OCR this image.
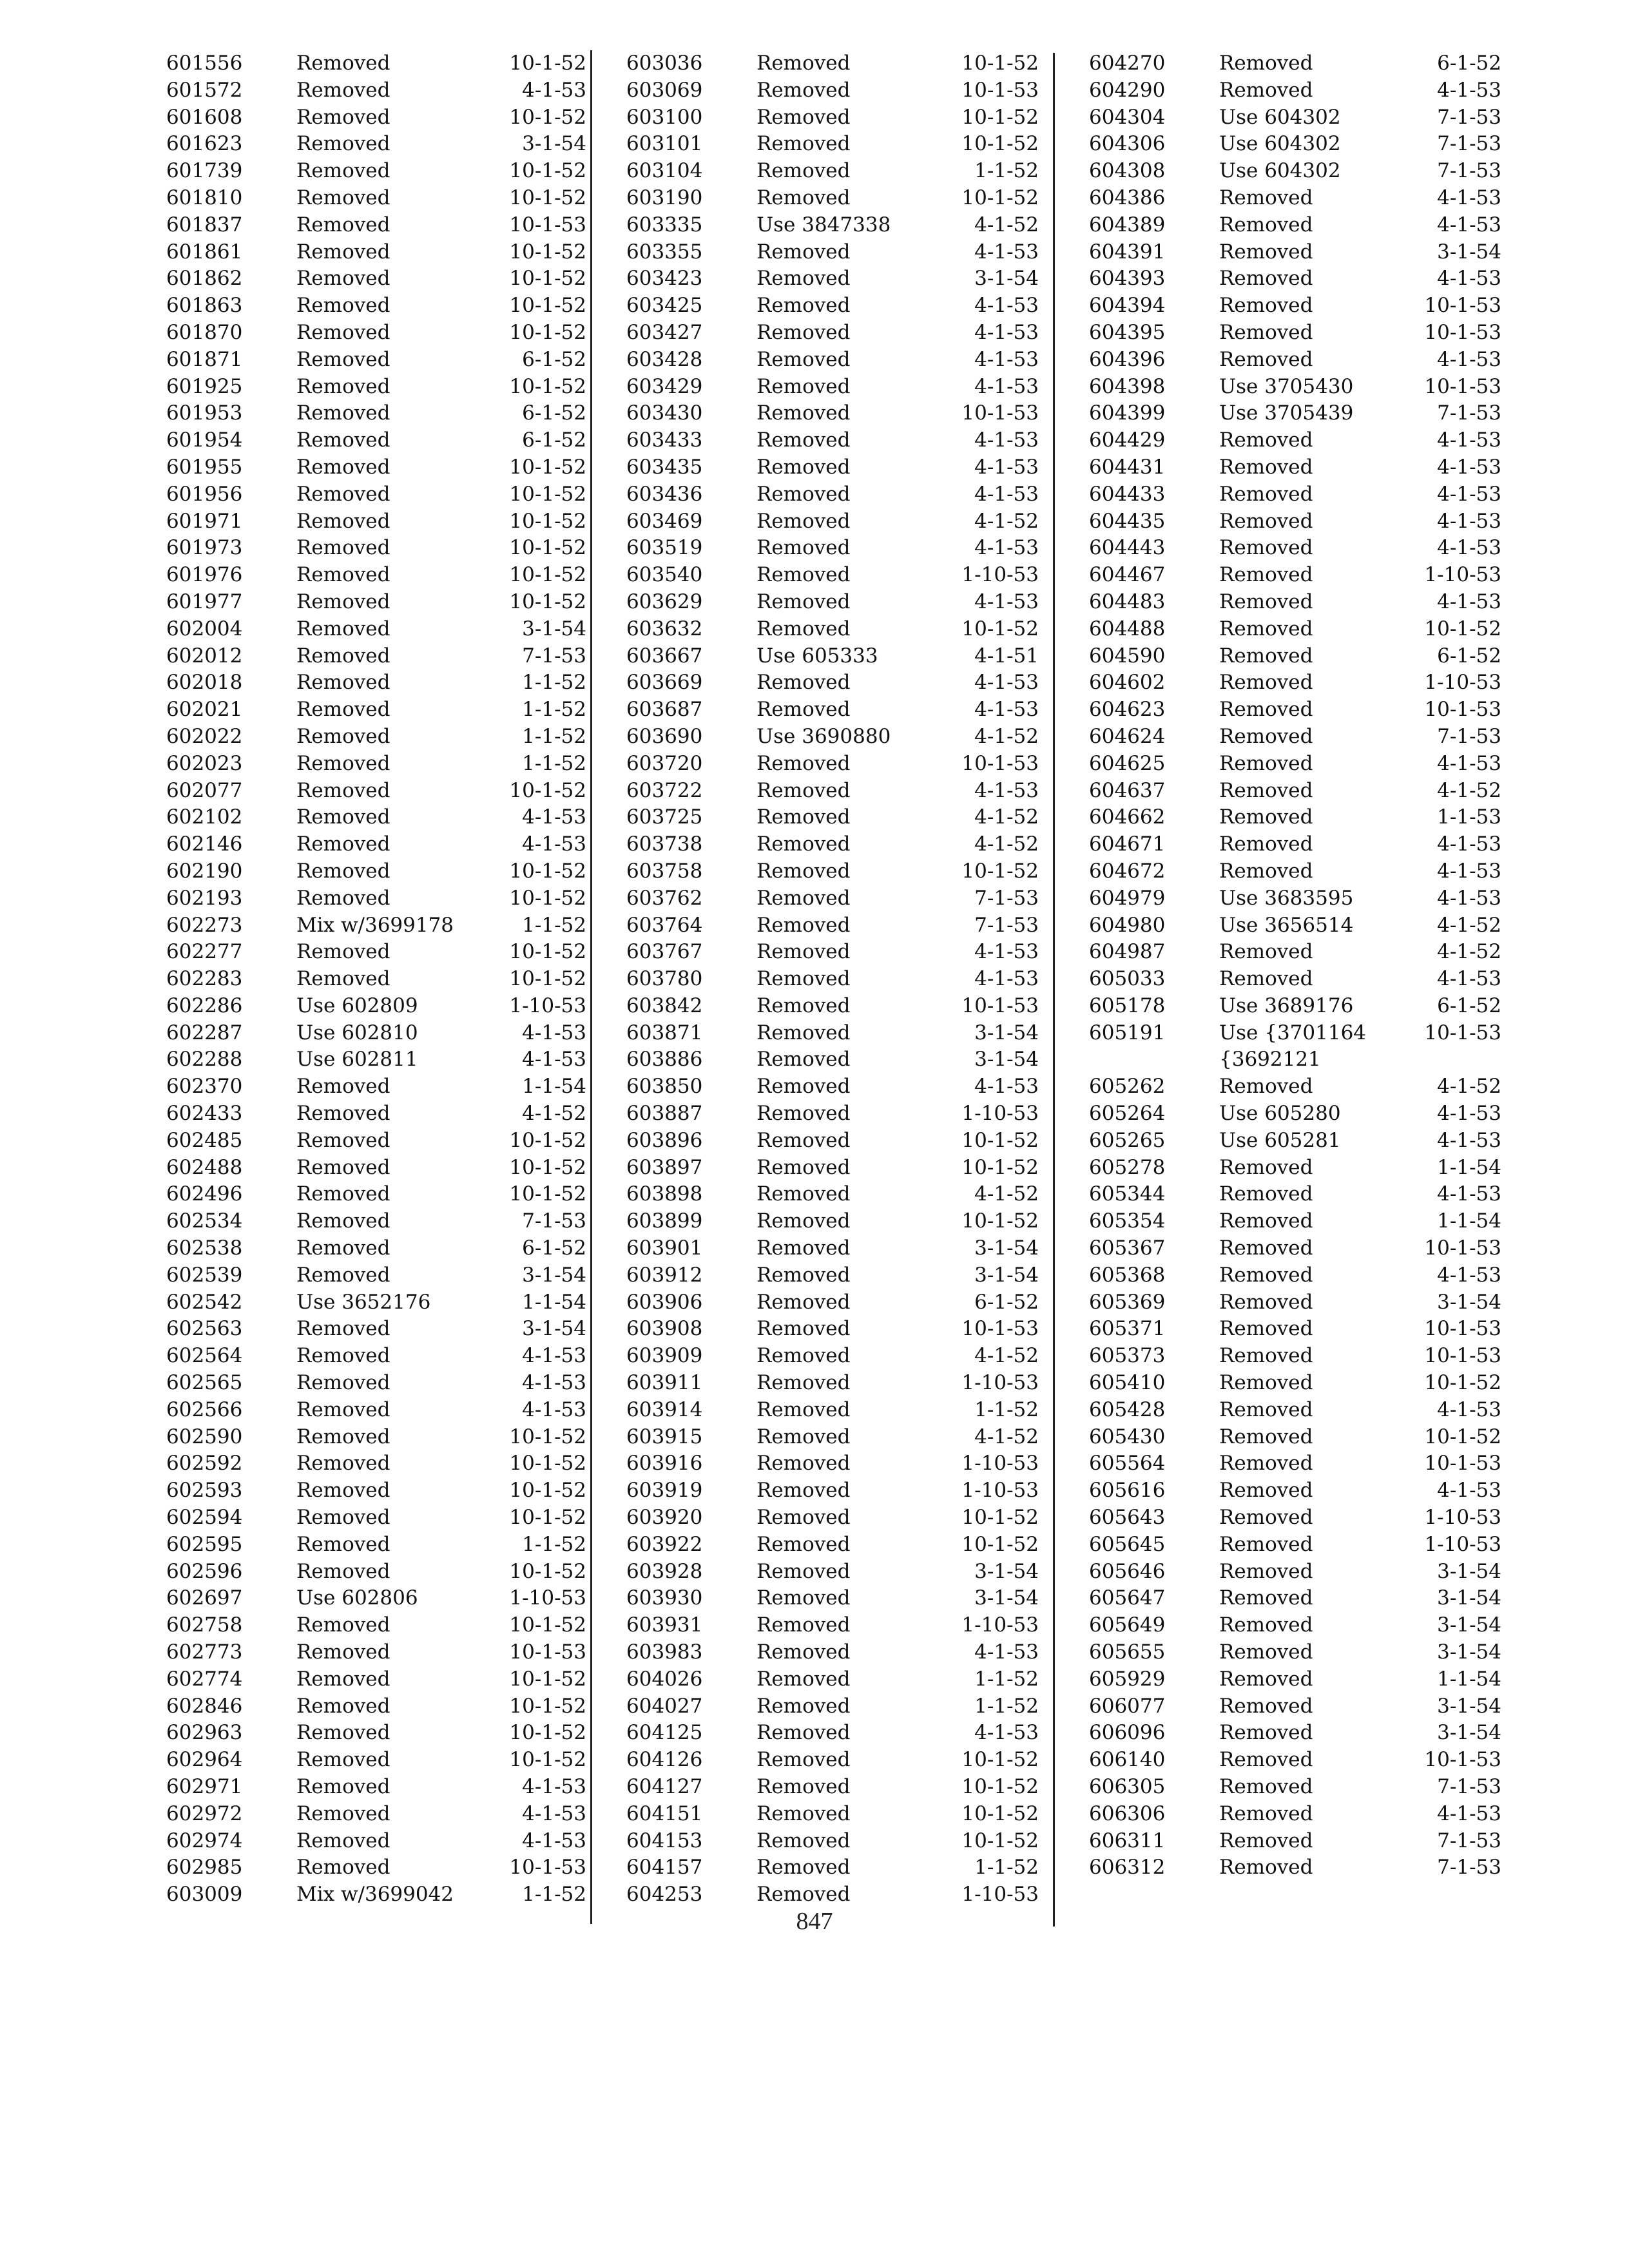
601556	Removed	10-1-52
601572	Removed	4-1-53
601608	Removed	10-1-52
601623	Removed	3-1-54
601739	Removed	10-1-52
601810	Removed	10-1-52
601837	Removed	10-1-53
601861	Removed	10-1-52
601862	Removed	10-1-52
601863	Removed	10-1-52
601870	Removed	10-1-52
601871	Removed	6-1-52
601925	Removed	10-1-52
601953	Removed	6-1-52
601954	Removed	6-1-52
601955	Removed	10-1-52
601956	Removed	10-1-52
601971	Removed	10-1-52
601973	Removed	10-1-52
601976	Removed	10-1-52
601977	Removed	10-1-52
602004	Removed	3-1-54
602012	Removed	7-1-53
602018	Removed	1-1-52
602021	Removed	1-1-52
602022	Removed	1-1-52
602023	Removed	1-1-52
602077	Removed	10-1-52
602102	Removed	4-1-53
602146	Removed	4-1-53
602190	Removed	10-1-52
602193	Removed	10-1-52
602273	Mix w/3699178	1-1-52
602277	Removed	10-1-52
602283	Removed	10-1-52
602286	Use 602809	1-10-53
602287	Use 602810	4-1-53
602288	Use 602811	4-1-53
602370	Removed	1-1-54
602433	Removed	4-1-52
602485	Removed	10-1-52
602488	Removed	10-1-52
602496	Removed	10-1-52
602534	Removed	7-1-53
602538	Removed	6-1-52
602539	Removed	3-1-54
602542	Use 3652176	1-1-54
602563	Removed	3-1-54
602564	Removed	4-1-53
602565	Removed	4-1-53
602566	Removed	4-1-53
602590	Removed	10-1-52
602592	Removed	10-1-52
602593	Removed	10-1-52
602594	Removed	10-1-52
602595	Removed	1-1-52
602596	Removed	10-1-52
602697	Use 602806	1-10-53
602758	Removed	10-1-52
602773	Removed	10-1-53
602774	Removed	10-1-52
602846	Removed	10-1-52
602963	Removed	10-1-52
602964	Removed	10-1-52
602971	Removed	4-1-53
602972	Removed	4-1-53
602974	Removed	4-1-53
602985	Removed	10-1-53
603009	Mix w/3699042	1-1-52
603036	Removed	10-1-52
603069	Removed	10-1-53
603100	Removed	10-1-52
603101	Removed	10-1-52
603104	Removed	1-1-52
603190	Removed	10-1-52
603335	Use 3847338	4-1-52
603355	Removed	4-1-53
603423	Removed	3-1-54
603425	Removed	4-1-53
603427	Removed	4-1-53
603428	Removed	4-1-53
603429	Removed	4-1-53
603430	Removed	10-1-53
603433	Removed	4-1-53
603435	Removed	4-1-53
603436	Removed	4-1-53
603469	Removed	4-1-52
603519	Removed	4-1-53
603540	Removed	1-10-53
603629	Removed	4-1-53
603632	Removed	10-1-52
603667	Use 605333	4-1-51
603669	Removed	4-1-53
603687	Removed	4-1-53
603690	Use 3690880	4-1-52
603720	Removed	10-1-53
603722	Removed	4-1-53
603725	Removed	4-1-52
603738	Removed	4-1-52
603758	Removed	10-1-52
603762	Removed	7-1-53
603764	Removed	7-1-53
603767	Removed	4-1-53
603780	Removed	4-1-53
603842	Removed	10-1-53
603871	Removed	3-1-54
603886	Removed	3-1-54
603850	Removed	4-1-53
603887	Removed	1-10-53
603896	Removed	10-1-52
603897	Removed	10-1-52
603898	Removed	4-1-52
603899	Removed	10-1-52
603901	Removed	3-1-54
603912	Removed	3-1-54
603906	Removed	6-1-52
603908	Removed	10-1-53
603909	Removed	4-1-52
603911	Removed	1-10-53
603914	Removed	1-1-52
603915	Removed	4-1-52
603916	Removed	1-10-53
603919	Removed	1-10-53
603920	Removed	10-1-52
603922	Removed	10-1-52
603928	Removed	3-1-54
603930	Removed	3-1-54
603931	Removed	1-10-53
603983	Removed	4-1-53
604026	Removed	1-1-52
604027	Removed	1-1-52
604125	Removed	4-1-53
604126	Removed	10-1-52
604127	Removed	10-1-52
604151	Removed	10-1-52
604153	Removed	10-1-52
604157	Removed	1-1-52
604253	Removed	1-10-53
604270	Removed	6-1-52
604290	Removed	4-1-53
604304	Use 604302	7-1-53
604306	Use 604302	7-1-53
604308	Use 604302	7-1-53
604386	Removed	4-1-53
604389	Removed	4-1-53
604391	Removed	3-1-54
604393	Removed	4-1-53
604394	Removed	10-1-53
604395	Removed	10-1-53
604396	Removed	4-1-53
604398	Use 3705430	10-1-53
604399	Use 3705439	7-1-53
604429	Removed	4-1-53
604431	Removed	4-1-53
604433	Removed	4-1-53
604435	Removed	4-1-53
604443	Removed	4-1-53
604467	Removed	1-10-53
604483	Removed	4-1-53
604488	Removed	10-1-52
604590	Removed	6-1-52
604602	Removed	1-10-53
604623	Removed	10-1-53
604624	Removed	7-1-53
604625	Removed	4-1-53
604637	Removed	4-1-52
604662	Removed	1-1-53
604671	Removed	4-1-53
604672	Removed	4-1-53
604979	Use 3683595	4-1-53
604980	Use 3656514	4-1-52
604987	Removed	4-1-52
605033	Removed	4-1-53
605178	Use 3689176	6-1-52
605191	Use {3701164	10-1-53
{3692121
605262	Removed	4-1-52
605264	Use 605280	4-1-53
605265	Use 605281	4-1-53
605278	Removed	1-1-54
605344	Removed	4-1-53
605354	Removed	1-1-54
605367	Removed	10-1-53
605368	Removed	4-1-53
605369	Removed	3-1-54
605371	Removed	10-1-53
605373	Removed	10-1-53
605410	Removed	10-1-52
605428	Removed	4-1-53
605430	Removed	10-1-52
605564	Removed	10-1-53
605616	Removed	4-1-53
605643	Removed	1-10-53
605645	Removed	1-10-53
605646	Removed	3-1-54
605647	Removed	3-1-54
605649	Removed	3-1-54
605655	Removed	3-1-54
605929	Removed	1-1-54
606077	Removed	3-1-54
606096	Removed	3-1-54
606140	Removed	10-1-53
606305	Removed	7-1-53
606306	Removed	4-1-53
606311	Removed	7-1-53
606312	Removed	7-1-53
847
